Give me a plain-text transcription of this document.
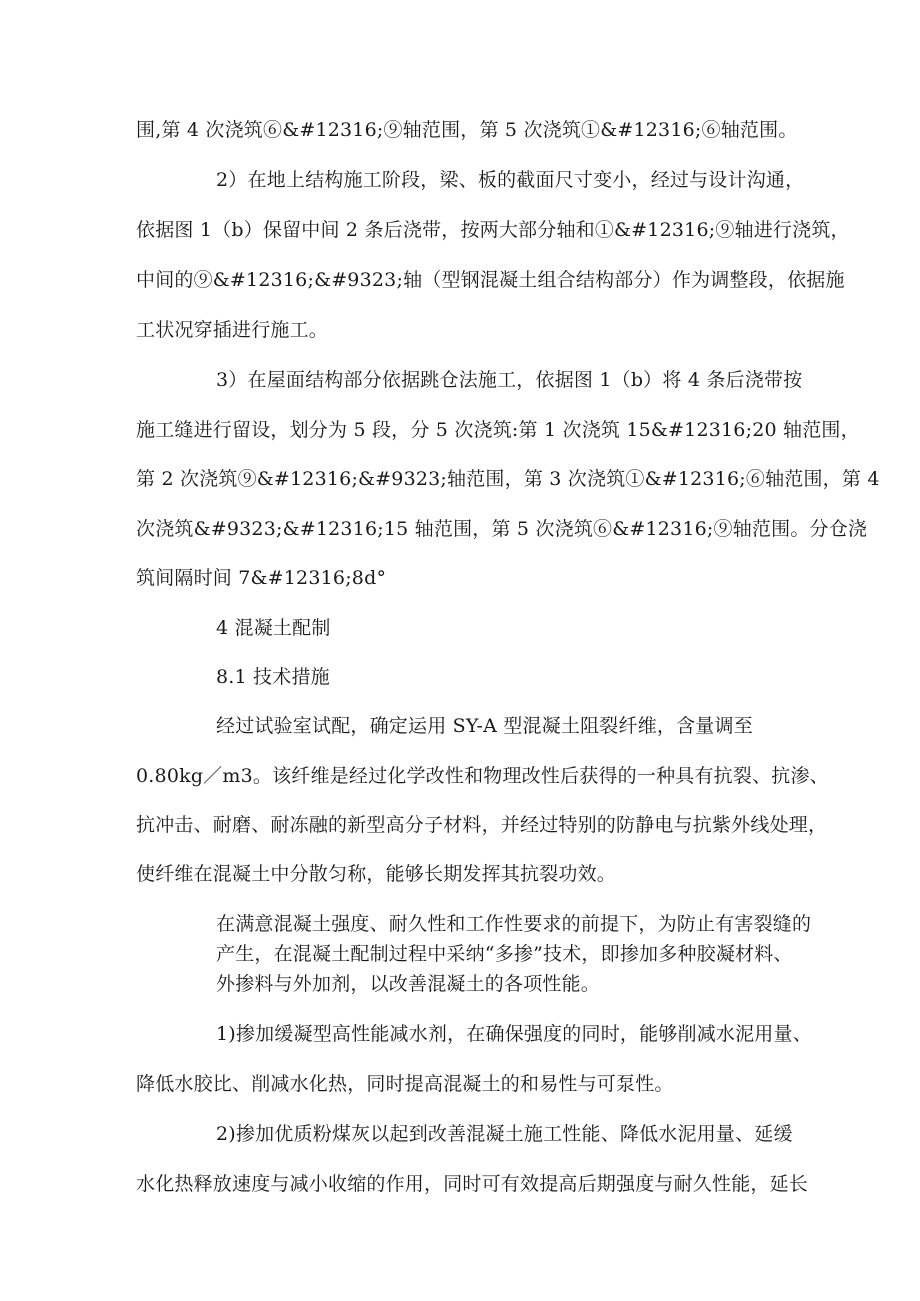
围,第 4 次浇筑⑥&#12316;⑨轴范围，第 5 次浇筑①&#12316;⑥轴范围。
2）在地上结构施工阶段，梁、板的截面尺寸变小，经过与设计沟通，
依据图 1（b）保留中间 2 条后浇带，按两大部分轴和①&#12316;⑨轴进行浇筑，
中间的⑨&#12316;&#9323;轴（型钢混凝土组合结构部分）作为调整段，依据施
工状况穿插进行施工。
3）在屋面结构部分依据跳仓法施工，依据图 1（b）将 4 条后浇带按
施工缝进行留设，划分为 5 段，分 5 次浇筑:第 1 次浇筑 15&#12316;20 轴范围，
第 2 次浇筑⑨&#12316;&#9323;轴范围，第 3 次浇筑①&#12316;⑥轴范围，第 4
次浇筑&#9323;&#12316;15 轴范围，第 5 次浇筑⑥&#12316;⑨轴范围。分仓浇
筑间隔时间 7&#12316;8d°
4 混凝土配制
8.1 技术措施
经过试验室试配，确定运用 SY-A 型混凝土阻裂纤维，含量调至
0.80kg／m3。该纤维是经过化学改性和物理改性后获得的一种具有抗裂、抗渗、
抗冲击、耐磨、耐冻融的新型高分子材料，并经过特别的防静电与抗紫外线处理，
使纤维在混凝土中分散匀称，能够长期发挥其抗裂功效。
在满意混凝土强度、耐久性和工作性要求的前提下，为防止有害裂缝的
产生，在混凝土配制过程中采纳“多掺”技术，即掺加多种胶凝材料、
外掺料与外加剂，以改善混凝土的各项性能。
1)掺加缓凝型高性能减水剂，在确保强度的同时，能够削减水泥用量、
降低水胶比、削减水化热，同时提高混凝土的和易性与可泵性。
2)掺加优质粉煤灰以起到改善混凝土施工性能、降低水泥用量、延缓
水化热释放速度与减小收缩的作用，同时可有效提高后期强度与耐久性能，延长
